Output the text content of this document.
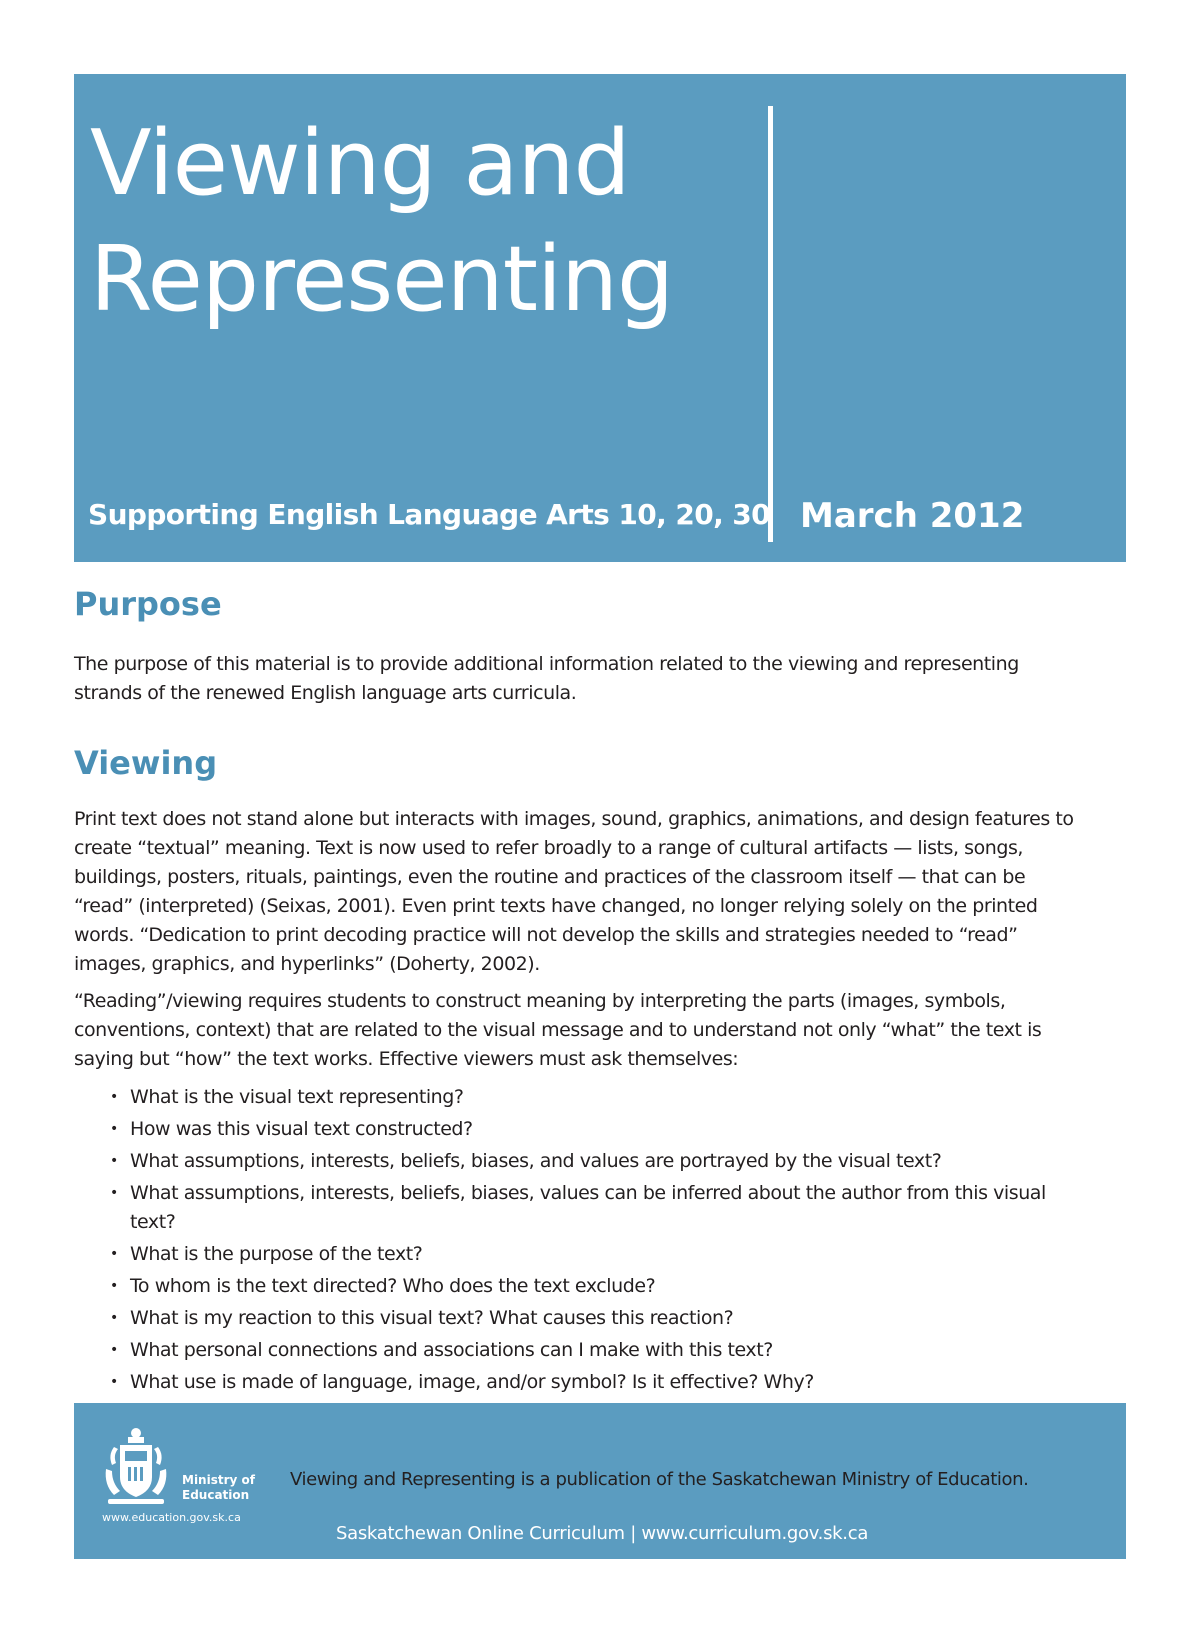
Viewing and
Representing
Supporting English Language Arts 10, 20, 30 March 2012
Purpose

The purpose of this material is to provide additional information related to the viewing and representing strands of the renewed English language arts curricula.

Viewing

Print text does not stand alone but interacts with images, sound, graphics, animations, and design features to create “textual” meaning. Text is now used to refer broadly to a range of cultural artifacts — lists, songs, buildings, posters, rituals, paintings, even the routine and practices of the classroom itself — that can be “read” (interpreted) (Seixas, 2001). Even print texts have changed, no longer relying solely on the printed words. “Dedication to print decoding practice will not develop the skills and strategies needed to “read” images, graphics, and hyperlinks” (Doherty, 2002).

“Reading”/viewing requires students to construct meaning by interpreting the parts (images, symbols, conventions, context) that are related to the visual message and to understand not only “what” the text is saying but “how” the text works. Effective viewers must ask themselves:

• What is the visual text representing?
• How was this visual text constructed?
• What assumptions, interests, beliefs, biases, and values are portrayed by the visual text?
• What assumptions, interests, beliefs, biases, values can be inferred about the author from this visual text?
• What is the purpose of the text?
• To whom is the text directed? Who does the text exclude?
• What is my reaction to this visual text? What causes this reaction?
• What personal connections and associations can I make with this text?
• What use is made of language, image, and/or symbol? Is it effective? Why?
Ministry of
Education
www.education.gov.sk.ca
Viewing and Representing is a publication of the Saskatchewan Ministry of Education.
Saskatchewan Online Curriculum | www.curriculum.gov.sk.ca
